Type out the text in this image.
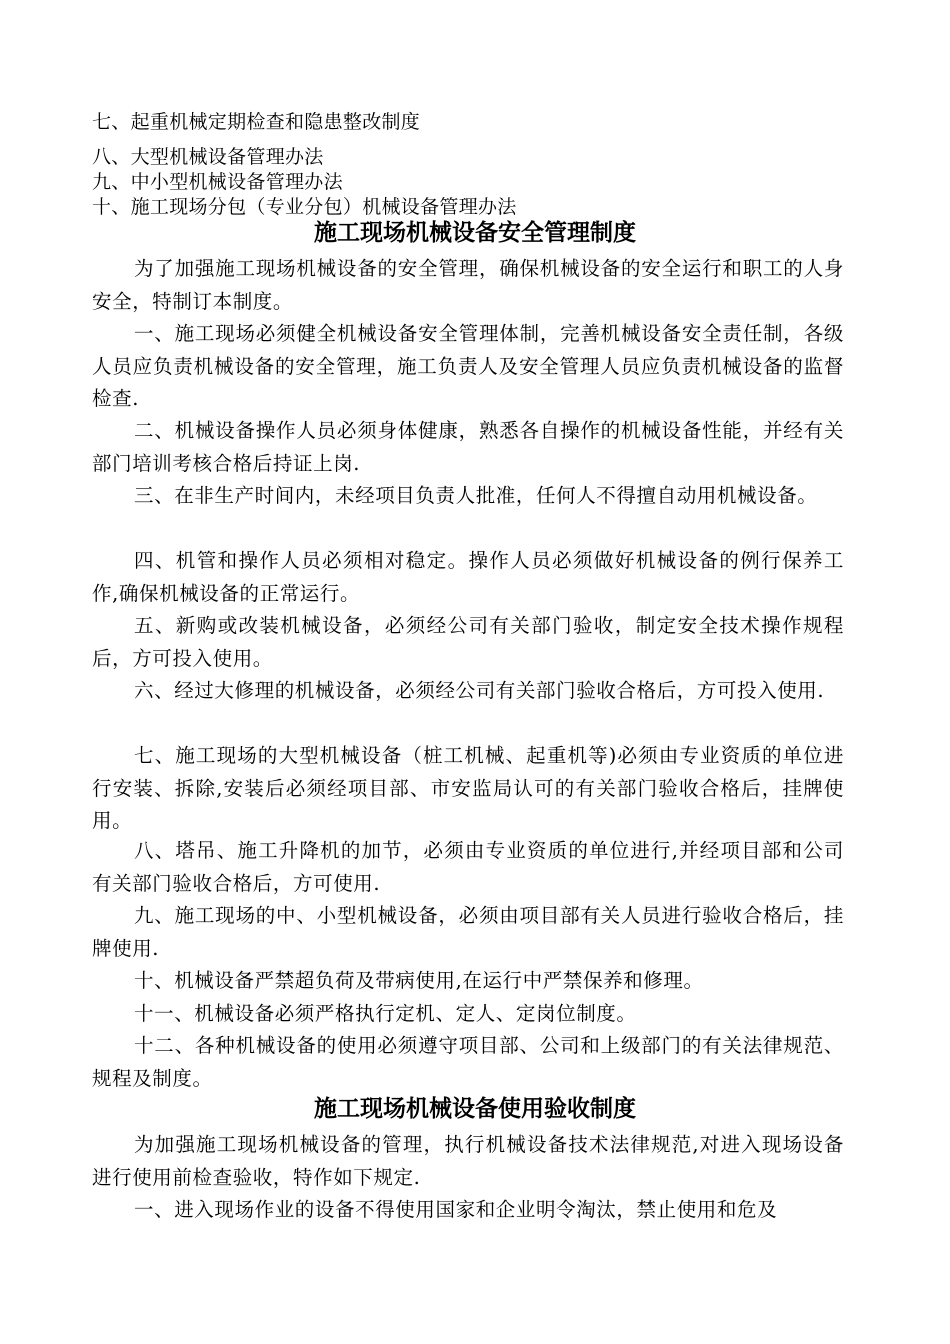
七、起重机械定期检查和隐患整改制度
八、大型机械设备管理办法
九、中小型机械设备管理办法
十、施工现场分包（专业分包）机械设备管理办法
施工现场机械设备安全管理制度
为了加强施工现场机械设备的安全管理，确保机械设备的安全运行和职工的人身安全，特制订本制度。
一、施工现场必须健全机械设备安全管理体制，完善机械设备安全责任制，各级人员应负责机械设备的安全管理，施工负责人及安全管理人员应负责机械设备的监督检查.
二、机械设备操作人员必须身体健康，熟悉各自操作的机械设备性能，并经有关部门培训考核合格后持证上岗.
三、在非生产时间内，未经项目负责人批准，任何人不得擅自动用机械设备。
四、机管和操作人员必须相对稳定。操作人员必须做好机械设备的例行保养工作,确保机械设备的正常运行。
五、新购或改装机械设备，必须经公司有关部门验收，制定安全技术操作规程后，方可投入使用。
六、经过大修理的机械设备，必须经公司有关部门验收合格后，方可投入使用.
七、施工现场的大型机械设备（桩工机械、起重机等)必须由专业资质的单位进行安装、拆除,安装后必须经项目部、市安监局认可的有关部门验收合格后，挂牌使用。
八、塔吊、施工升降机的加节，必须由专业资质的单位进行,并经项目部和公司有关部门验收合格后，方可使用.
九、施工现场的中、小型机械设备，必须由项目部有关人员进行验收合格后，挂牌使用.
十、机械设备严禁超负荷及带病使用,在运行中严禁保养和修理。
十一、机械设备必须严格执行定机、定人、定岗位制度。
十二、各种机械设备的使用必须遵守项目部、公司和上级部门的有关法律规范、规程及制度。
施工现场机械设备使用验收制度
为加强施工现场机械设备的管理，执行机械设备技术法律规范,对进入现场设备进行使用前检查验收，特作如下规定.
一、进入现场作业的设备不得使用国家和企业明令淘汰，禁止使用和危及
